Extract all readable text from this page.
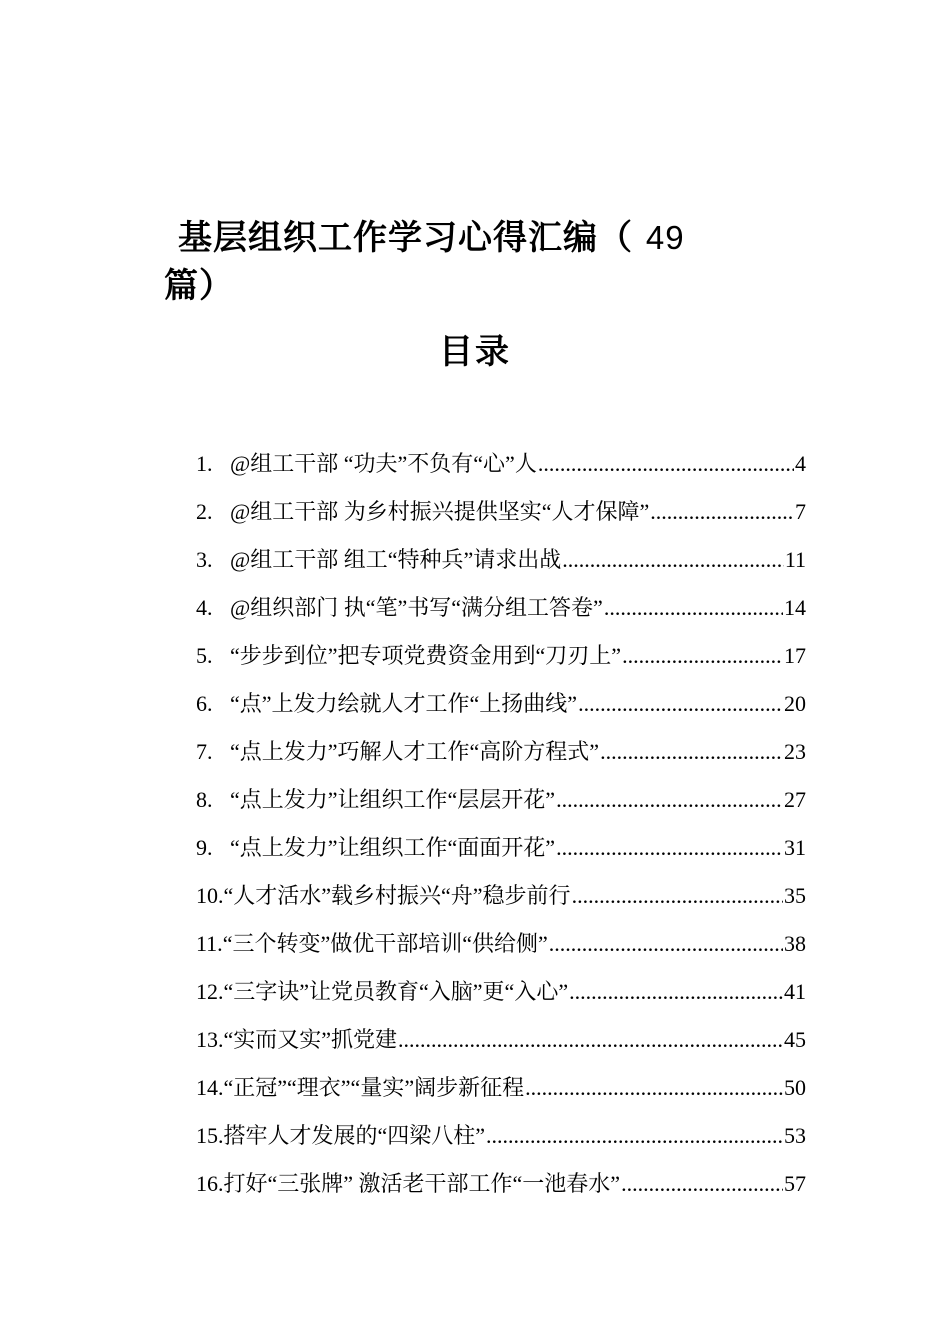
基层组织工作学习心得汇编（ 49
篇）
目录
1. @组工干部 “功夫”不负有“心”人 .....	4
2. @组工干部 为乡村振兴提供坚实“人才保障” .....	7
3. @组工干部 组工“特种兵”请求出战 .....	11
4. @组织部门 执“笔”书写“满分组工答卷” .....	14
5. “步步到位”把专项党费资金用到“刀刃上” .....	17
6. “点”上发力绘就人才工作“上扬曲线” .....	20
7. “点上发力”巧解人才工作“高阶方程式” .....	23
8. “点上发力”让组织工作“层层开花” .....	27
9. “点上发力”让组织工作“面面开花” .....	31
10. “人才活水”载乡村振兴“舟”稳步前行 .....	35
11. “三个转变”做优干部培训“供给侧” .....	38
12. “三字诀”让党员教育“入脑”更“入心” .....	41
13. “实而又实”抓党建 .....	45
14. “正冠”“理衣”“量实”阔步新征程 .....	50
15. 搭牢人才发展的“四梁八柱” .....	53
16. 打好“三张牌” 激活老干部工作“一池春水” .....	57
